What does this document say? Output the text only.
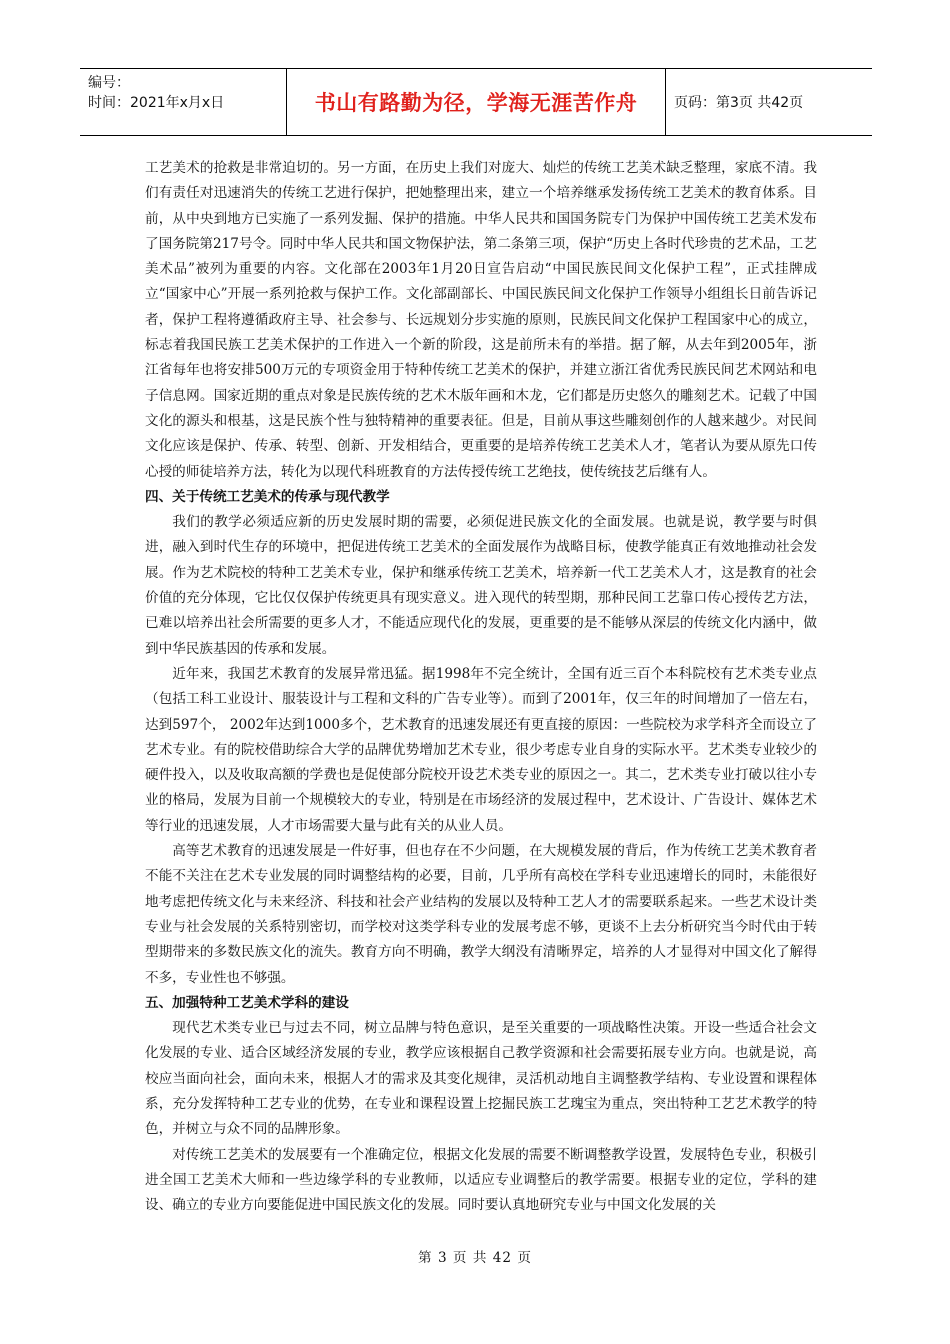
编号：
时间：2021年x月x日	书山有路勤为径，学海无涯苦作舟	页码：第3页 共42页

工艺美术的抢救是非常迫切的。另一方面，在历史上我们对庞大、灿烂的传统工艺美术缺乏整理，家底不清。我们有责任对迅速消失的传统工艺进行保护，把她整理出来，建立一个培养继承发扬传统工艺美术的教育体系。目前，从中央到地方已实施了一系列发掘、保护的措施。中华人民共和国国务院专门为保护中国传统工艺美术发布了国务院第217号令。同时中华人民共和国文物保护法，第二条第三项，保护“历史上各时代珍贵的艺术品，工艺美术品”被列为重要的内容。文化部在2003年1月20日宣告启动“中国民族民间文化保护工程”，正式挂牌成立“国家中心”开展一系列抢救与保护工作。文化部副部长、中国民族民间文化保护工作领导小组组长日前告诉记者，保护工程将遵循政府主导、社会参与、长远规划分步实施的原则，民族民间文化保护工程国家中心的成立，标志着我国民族工艺美术保护的工作进入一个新的阶段，这是前所未有的举措。据了解，从去年到2005年，浙江省每年也将安排500万元的专项资金用于特种传统工艺美术的保护，并建立浙江省优秀民族民间艺术网站和电子信息网。国家近期的重点对象是民族传统的艺术木版年画和木龙，它们都是历史悠久的雕刻艺术。记载了中国文化的源头和根基，这是民族个性与独特精神的重要表征。但是，目前从事这些雕刻创作的人越来越少。对民间文化应该是保护、传承、转型、创新、开发相结合，更重要的是培养传统工艺美术人才，笔者认为要从原先口传心授的师徒培养方法，转化为以现代科班教育的方法传授传统工艺绝技，使传统技艺后继有人。

四、关于传统工艺美术的传承与现代教学

我们的教学必须适应新的历史发展时期的需要，必须促进民族文化的全面发展。也就是说，教学要与时俱进，融入到时代生存的环境中，把促进传统工艺美术的全面发展作为战略目标，使教学能真正有效地推动社会发展。作为艺术院校的特种工艺美术专业，保护和继承传统工艺美术，培养新一代工艺美术人才，这是教育的社会价值的充分体现，它比仅仅保护传统更具有现实意义。进入现代的转型期，那种民间工艺靠口传心授传艺方法，已难以培养出社会所需要的更多人才，不能适应现代化的发展，更重要的是不能够从深层的传统文化内涵中，做到中华民族基因的传承和发展。

近年来，我国艺术教育的发展异常迅猛。据1998年不完全统计，全国有近三百个本科院校有艺术类专业点（包括工科工业设计、服装设计与工程和文科的广告专业等）。而到了2001年，仅三年的时间增加了一倍左右，达到597个， 2002年达到1000多个，艺术教育的迅速发展还有更直接的原因：一些院校为求学科齐全而设立了艺术专业。有的院校借助综合大学的品牌优势增加艺术专业，很少考虑专业自身的实际水平。艺术类专业较少的硬件投入，以及收取高额的学费也是促使部分院校开设艺术类专业的原因之一。其二，艺术类专业打破以往小专业的格局，发展为目前一个规模较大的专业，特别是在市场经济的发展过程中，艺术设计、广告设计、媒体艺术等行业的迅速发展，人才市场需要大量与此有关的从业人员。

高等艺术教育的迅速发展是一件好事，但也存在不少问题，在大规模发展的背后，作为传统工艺美术教育者不能不关注在艺术专业发展的同时调整结构的必要，目前，几乎所有高校在学科专业迅速增长的同时，未能很好地考虑把传统文化与未来经济、科技和社会产业结构的发展以及特种工艺人才的需要联系起来。一些艺术设计类专业与社会发展的关系特别密切，而学校对这类学科专业的发展考虑不够，更谈不上去分析研究当今时代由于转型期带来的多数民族文化的流失。教育方向不明确，教学大纲没有清晰界定，培养的人才显得对中国文化了解得不多，专业性也不够强。

五、加强特种工艺美术学科的建设

现代艺术类专业已与过去不同，树立品牌与特色意识，是至关重要的一项战略性决策。开设一些适合社会文化发展的专业、适合区域经济发展的专业，教学应该根据自己教学资源和社会需要拓展专业方向。也就是说，高校应当面向社会，面向未来，根据人才的需求及其变化规律，灵活机动地自主调整教学结构、专业设置和课程体系，充分发挥特种工艺专业的优势，在专业和课程设置上挖掘民族工艺瑰宝为重点，突出特种工艺艺术教学的特色，并树立与众不同的品牌形象。

对传统工艺美术的发展要有一个准确定位，根据文化发展的需要不断调整教学设置，发展特色专业，积极引进全国工艺美术大师和一些边缘学科的专业教师，以适应专业调整后的教学需要。根据专业的定位，学科的建设、确立的专业方向要能促进中国民族文化的发展。同时要认真地研究专业与中国文化发展的关

第 3 页 共 42 页
